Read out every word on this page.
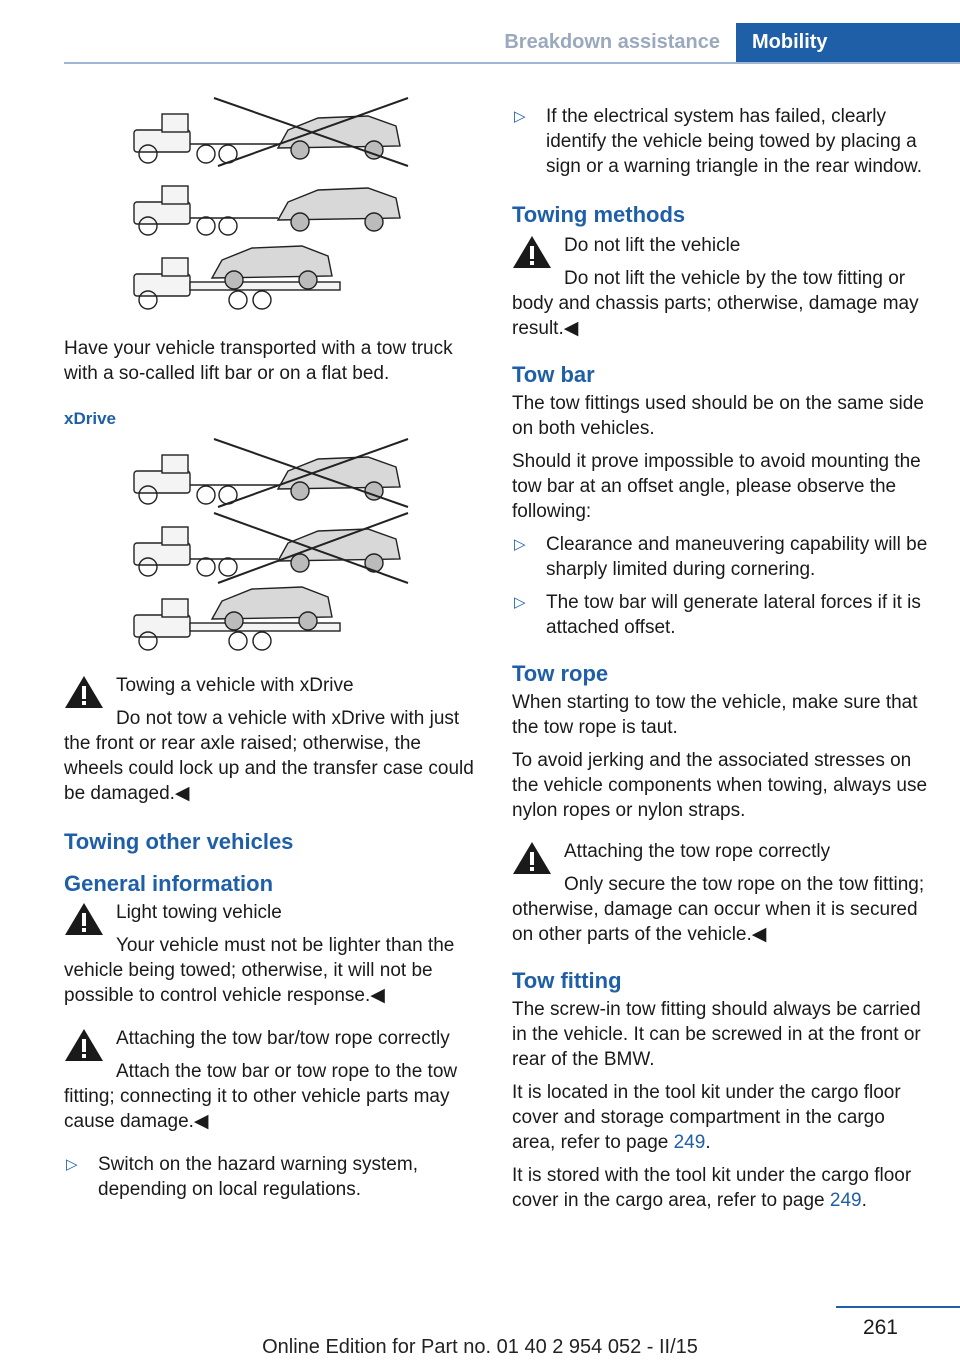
Breakdown assistance	Mobility

Have your vehicle transported with a tow truck with a so-called lift bar or on a flat bed.

xDrive

Towing a vehicle with xDrive

Do not tow a vehicle with xDrive with just the front or rear axle raised; otherwise, the wheels could lock up and the transfer case could be damaged.◀

Towing other vehicles

General information

Light towing vehicle

Your vehicle must not be lighter than the vehicle being towed; otherwise, it will not be possible to control vehicle response.◀

Attaching the tow bar/tow rope correctly

Attach the tow bar or tow rope to the tow fitting; connecting it to other vehicle parts may cause damage.◀

▷ Switch on the hazard warning system, depending on local regulations.

▷ If the electrical system has failed, clearly identify the vehicle being towed by placing a sign or a warning triangle in the rear window.

Towing methods

Do not lift the vehicle

Do not lift the vehicle by the tow fitting or body and chassis parts; otherwise, damage may result.◀

Tow bar

The tow fittings used should be on the same side on both vehicles.

Should it prove impossible to avoid mounting the tow bar at an offset angle, please observe the following:

▷ Clearance and maneuvering capability will be sharply limited during cornering.

▷ The tow bar will generate lateral forces if it is attached offset.

Tow rope

When starting to tow the vehicle, make sure that the tow rope is taut.

To avoid jerking and the associated stresses on the vehicle components when towing, always use nylon ropes or nylon straps.

Attaching the tow rope correctly

Only secure the tow rope on the tow fitting; otherwise, damage can occur when it is secured on other parts of the vehicle.◀

Tow fitting

The screw-in tow fitting should always be carried in the vehicle. It can be screwed in at the front or rear of the BMW.

It is located in the tool kit under the cargo floor cover and storage compartment in the cargo area, refer to page 249.

It is stored with the tool kit under the cargo floor cover in the cargo area, refer to page 249.

261
Online Edition for Part no. 01 40 2 954 052 - II/15
